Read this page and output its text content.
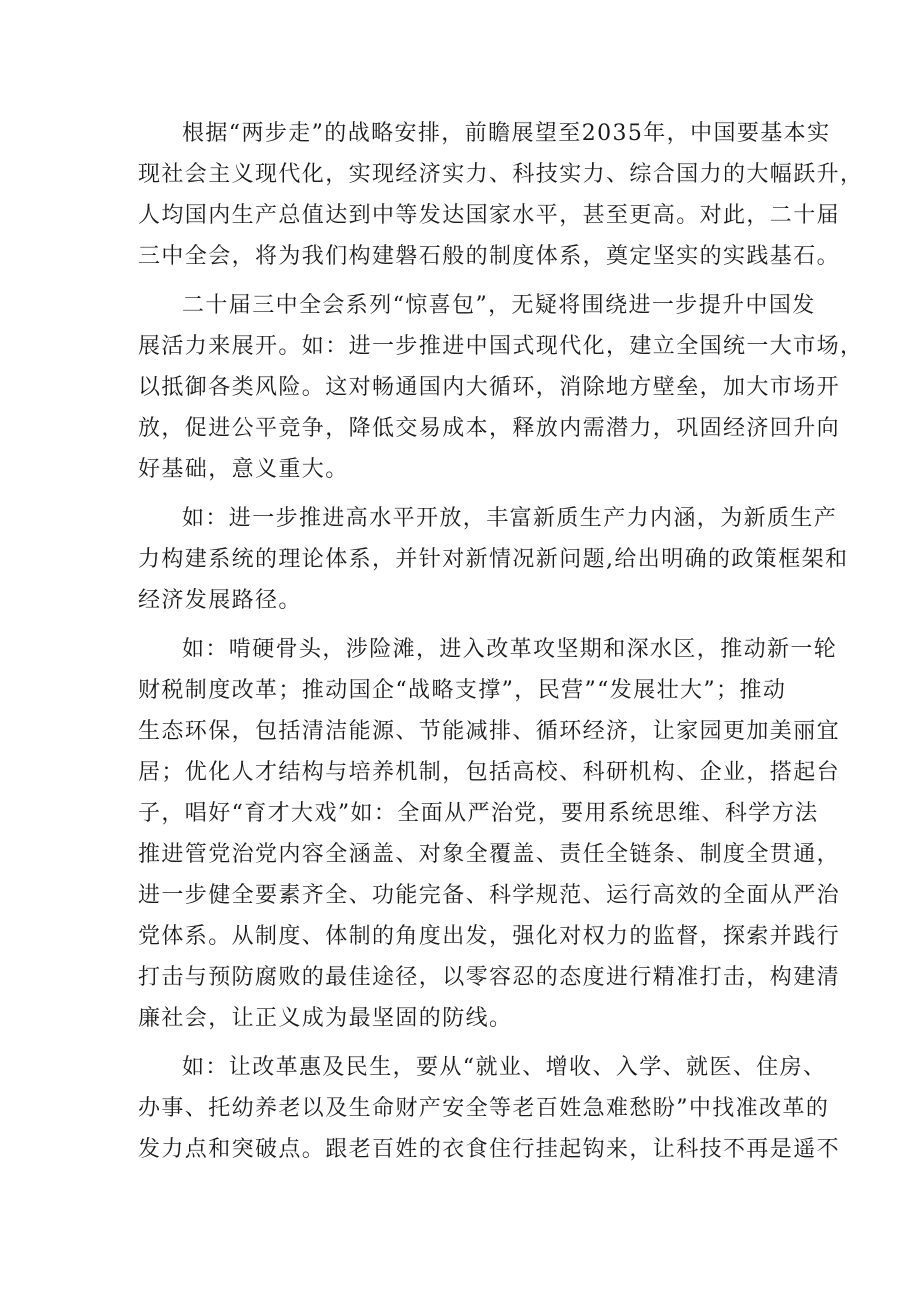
根据“两步走”的战略安排，前瞻展望至2035年，中国要基本实
现社会主义现代化，实现经济实力、科技实力、综合国力的大幅跃升，
人均国内生产总值达到中等发达国家水平，甚至更高。对此，二十届
三中全会，将为我们构建磐石般的制度体系，奠定坚实的实践基石。
二十届三中全会系列“惊喜包”，无疑将围绕进一步提升中国发
展活力来展开。如：进一步推进中国式现代化，建立全国统一大市场，
以抵御各类风险。这对畅通国内大循环，消除地方壁垒，加大市场开
放，促进公平竞争，降低交易成本，释放内需潜力，巩固经济回升向
好基础，意义重大。
如：进一步推进高水平开放，丰富新质生产力内涵，为新质生产
力构建系统的理论体系，并针对新情况新问题,给出明确的政策框架和
经济发展路径。
如：啃硬骨头，涉险滩，进入改革攻坚期和深水区，推动新一轮
财税制度改革；推动国企“战略支撑”，民营”“发展壮大”；推动
生态环保，包括清洁能源、节能减排、循环经济，让家园更加美丽宜
居；优化人才结构与培养机制，包括高校、科研机构、企业，搭起台
子，唱好“育才大戏”如：全面从严治党，要用系统思维、科学方法
推进管党治党内容全涵盖、对象全覆盖、责任全链条、制度全贯通，
进一步健全要素齐全、功能完备、科学规范、运行高效的全面从严治
党体系。从制度、体制的角度出发，强化对权力的监督，探索并践行
打击与预防腐败的最佳途径，以零容忍的态度进行精准打击，构建清
廉社会，让正义成为最坚固的防线。
如：让改革惠及民生，要从“就业、增收、入学、就医、住房、
办事、托幼养老以及生命财产安全等老百姓急难愁盼”中找准改革的
发力点和突破点。跟老百姓的衣食住行挂起钩来，让科技不再是遥不
